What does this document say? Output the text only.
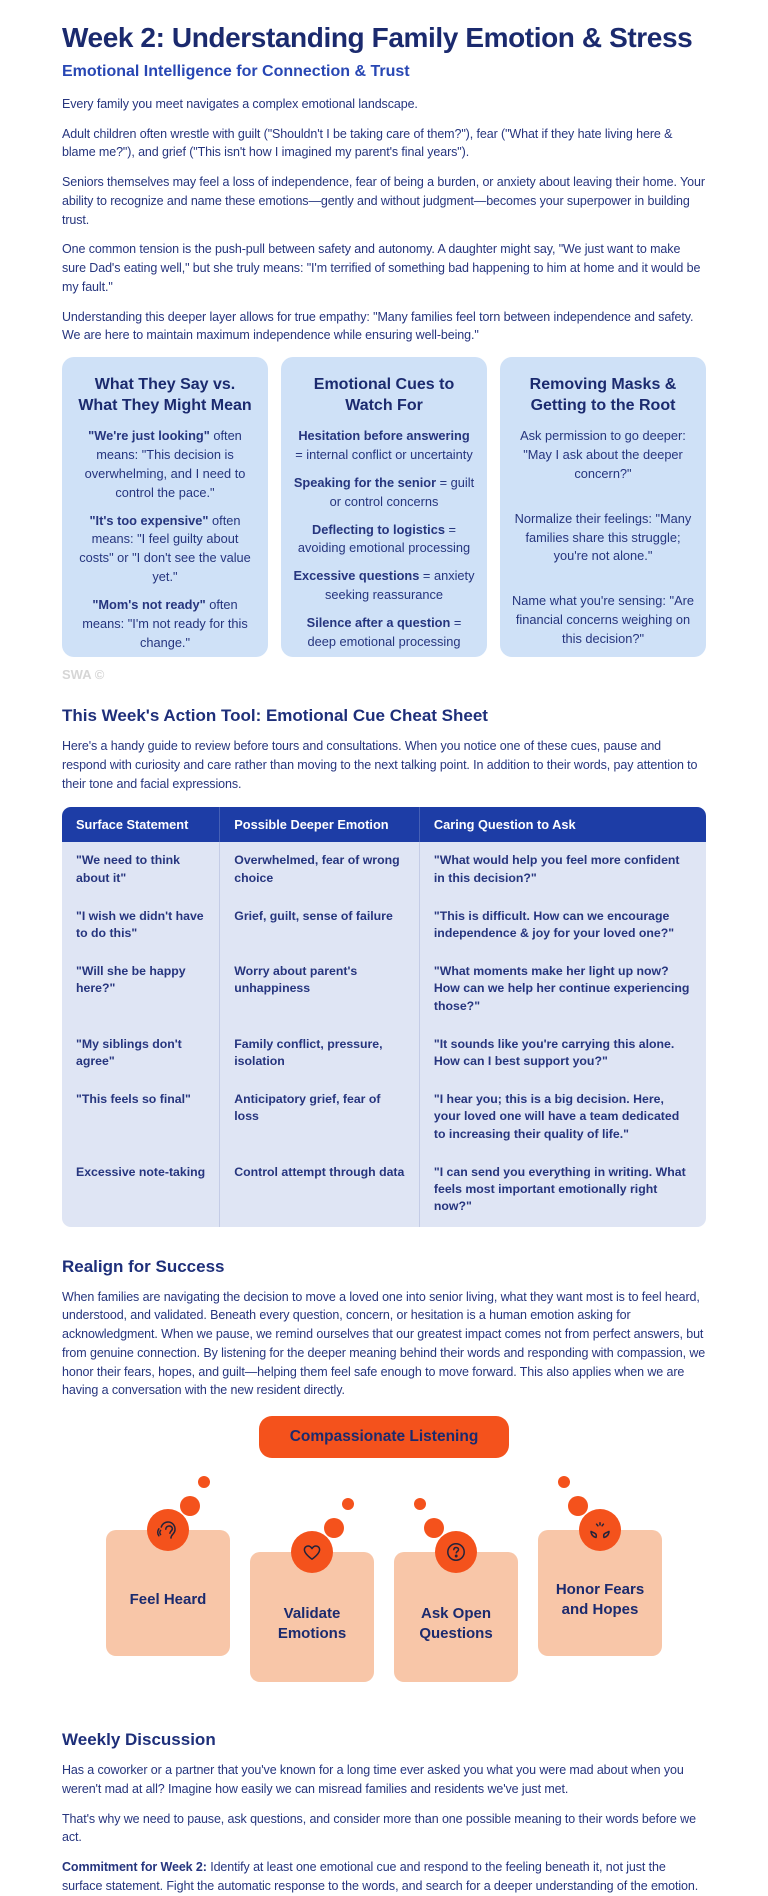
Week 2: Understanding Family Emotion & Stress
Emotional Intelligence for Connection & Trust

Every family you meet navigates a complex emotional landscape.

Adult children often wrestle with guilt ("Shouldn't I be taking care of them?"), fear ("What if they hate living here & blame me?"), and grief ("This isn't how I imagined my parent's final years").

Seniors themselves may feel a loss of independence, fear of being a burden, or anxiety about leaving their home. Your ability to recognize and name these emotions—gently and without judgment—becomes your superpower in building trust.

One common tension is the push-pull between safety and autonomy. A daughter might say, "We just want to make sure Dad's eating well," but she truly means: "I'm terrified of something bad happening to him at home and it would be my fault."

Understanding this deeper layer allows for true empathy: "Many families feel torn between independence and safety. We are here to maintain maximum independence while ensuring well-being."

What They Say vs. What They Might Mean

"We're just looking" often means: "This decision is overwhelming, and I need to control the pace."

"It's too expensive" often means: "I feel guilty about costs" or "I don't see the value yet."

"Mom's not ready" often means: "I'm not ready for this change."

Emotional Cues to Watch For

Hesitation before answering = internal conflict or uncertainty

Speaking for the senior = guilt or control concerns

Deflecting to logistics = avoiding emotional processing

Excessive questions = anxiety seeking reassurance

Silence after a question = deep emotional processing

Removing Masks & Getting to the Root

Ask permission to go deeper: "May I ask about the deeper concern?"

Normalize their feelings: "Many families share this struggle; you're not alone."

Name what you're sensing: "Are financial concerns weighing on this decision?"

SWA ©
This Week's Action Tool: Emotional Cue Cheat Sheet

Here's a handy guide to review before tours and consultations. When you notice one of these cues, pause and respond with curiosity and care rather than moving to the next talking point. In addition to their words, pay attention to their tone and facial expressions.

Surface Statement	Possible Deeper Emotion	Caring Question to Ask
"We need to think about it"	Overwhelmed, fear of wrong choice	"What would help you feel more confident in this decision?"
"I wish we didn't have to do this"	Grief, guilt, sense of failure	"This is difficult. How can we encourage independence & joy for your loved one?"
"Will she be happy here?"	Worry about parent's unhappiness	"What moments make her light up now? How can we help her continue experiencing those?"
"My siblings don't agree"	Family conflict, pressure, isolation	"It sounds like you're carrying this alone. How can I best support you?"
"This feels so final"	Anticipatory grief, fear of loss	"I hear you; this is a big decision. Here, your loved one will have a team dedicated to increasing their quality of life."
Excessive note-taking	Control attempt through data	"I can send you everything in writing. What feels most important emotionally right now?"
Realign for Success

When families are navigating the decision to move a loved one into senior living, what they want most is to feel heard, understood, and validated. Beneath every question, concern, or hesitation is a human emotion asking for acknowledgment. When we pause, we remind ourselves that our greatest impact comes not from perfect answers, but from genuine connection. By listening for the deeper meaning behind their words and responding with compassion, we honor their fears, hopes, and guilt—helping them feel safe enough to move forward. This also applies when we are having a conversation with the new resident directly.

Compassionate Listening
Feel Heard
Validate Emotions
Ask Open Questions
Honor Fears and Hopes
Weekly Discussion

Has a coworker or a partner that you've known for a long time ever asked you what you were mad about when you weren't mad at all? Imagine how easily we can misread families and residents we've just met.

That's why we need to pause, ask questions, and consider more than one possible meaning to their words before we act.

Commitment for Week 2: Identify at least one emotional cue and respond to the feeling beneath it, not just the surface statement. Fight the automatic response to the words, and search for a deeper understanding of the emotion.
